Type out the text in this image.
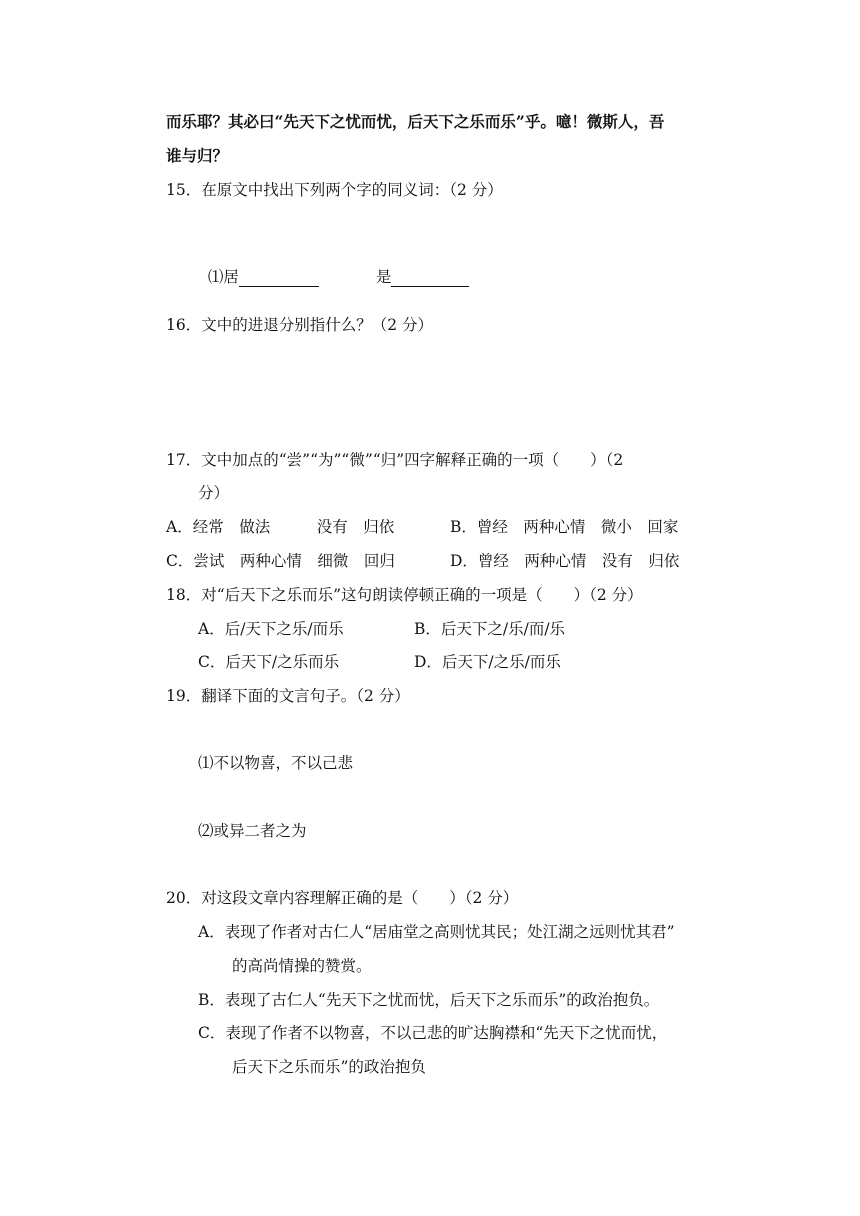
而乐耶？其必曰“先天下之忧而忧，后天下之乐而乐”乎。噫！微斯人，吾
谁与归？
15．在原文中找出下列两个字的同义词：（2 分）

⑴居	是

16．文中的进退分别指什么？（2 分）
17．文中加点的“尝”“为”“微”“归”四字解释正确的一项（　　）（2
分）
A．经常　做法　　　没有　归依	B．曾经　两种心情　微小　回家
C．尝试　两种心情　细微　回归	D．曾经　两种心情　没有　归依
18．对“后天下之乐而乐”这句朗读停顿正确的一项是（　　）（2 分）
A．后/天下之乐/而乐	B．后天下之/乐/而/乐
C．后天下/之乐而乐	D．后天下/之乐/而乐
19．翻译下面的文言句子。（2 分）
⑴不以物喜，不以己悲
⑵或异二者之为
20．对这段文章内容理解正确的是（　　）（2 分）
A．表现了作者对古仁人“居庙堂之高则忧其民；处江湖之远则忧其君”
的高尚情操的赞赏。
B．表现了古仁人“先天下之忧而忧，后天下之乐而乐”的政治抱负。
C．表现了作者不以物喜，不以己悲的旷达胸襟和“先天下之忧而忧，
后天下之乐而乐”的政治抱负
